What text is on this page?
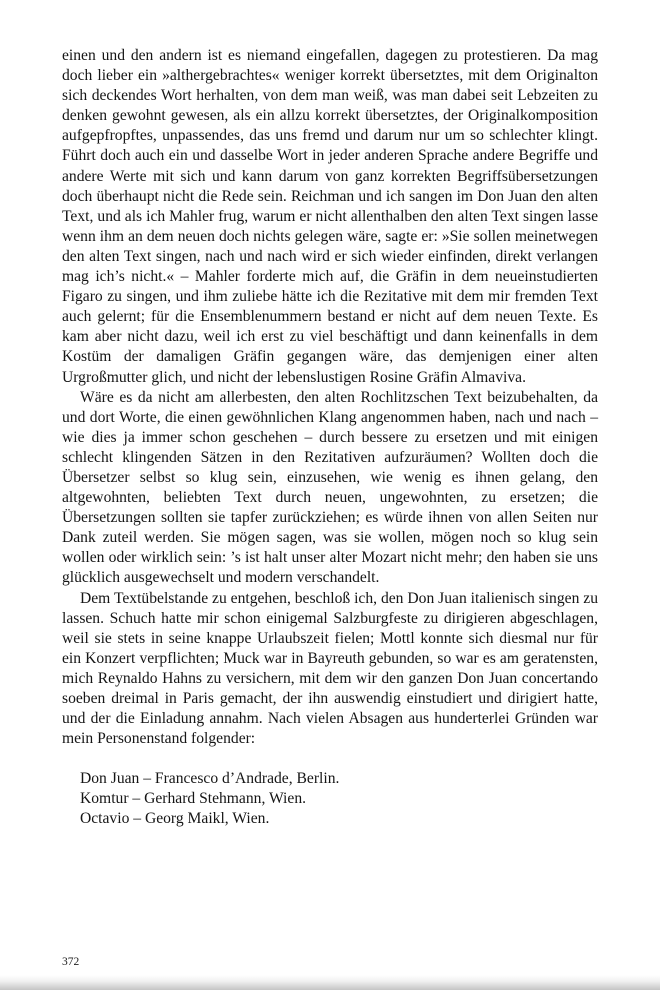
einen und den andern ist es niemand eingefallen, dagegen zu protestieren. Da mag doch lieber ein »althergebrachtes« weniger korrekt übersetztes, mit dem Originalton sich deckendes Wort herhalten, von dem man weiß, was man dabei seit Lebzeiten zu denken gewohnt gewesen, als ein allzu korrekt übersetztes, der Originalkomposition aufgepfropftes, unpassendes, das uns fremd und darum nur um so schlechter klingt. Führt doch auch ein und dasselbe Wort in jeder anderen Sprache andere Begriffe und andere Werte mit sich und kann darum von ganz korrekten Begriffsübersetzungen doch überhaupt nicht die Rede sein. Reichman und ich sangen im Don Juan den alten Text, und als ich Mahler frug, warum er nicht allenthalben den alten Text singen lasse wenn ihm an dem neuen doch nichts gelegen wäre, sagte er: »Sie sollen meinetwegen den alten Text singen, nach und nach wird er sich wieder einfinden, direkt verlangen mag ich’s nicht.« – Mahler forderte mich auf, die Gräfin in dem neueinstudierten Figaro zu singen, und ihm zuliebe hätte ich die Rezitative mit dem mir fremden Text auch gelernt; für die Ensemblenummern bestand er nicht auf dem neuen Texte. Es kam aber nicht dazu, weil ich erst zu viel beschäftigt und dann keinenfalls in dem Kostüm der damaligen Gräfin gegangen wäre, das demjenigen einer alten Urgroßmutter glich, und nicht der lebenslustigen Rosine Gräfin Almaviva.

Wäre es da nicht am allerbesten, den alten Rochlitzschen Text beizubehalten, da und dort Worte, die einen gewöhnlichen Klang angenommen haben, nach und nach – wie dies ja immer schon geschehen – durch bessere zu ersetzen und mit einigen schlecht klingenden Sätzen in den Rezitativen aufzuräumen? Wollten doch die Übersetzer selbst so klug sein, einzusehen, wie wenig es ihnen gelang, den altgewohnten, beliebten Text durch neuen, ungewohnten, zu ersetzen; die Übersetzungen sollten sie tapfer zurückziehen; es würde ihnen von allen Seiten nur Dank zuteil werden. Sie mögen sagen, was sie wollen, mögen noch so klug sein wollen oder wirklich sein: ’s ist halt unser alter Mozart nicht mehr; den haben sie uns glücklich ausgewechselt und modern verschandelt.

Dem Textübelstande zu entgehen, beschloß ich, den Don Juan italienisch singen zu lassen. Schuch hatte mir schon einigemal Salzburgfeste zu dirigieren abgeschlagen, weil sie stets in seine knappe Urlaubszeit fielen; Mottl konnte sich diesmal nur für ein Konzert verpflichten; Muck war in Bayreuth gebunden, so war es am geratensten, mich Reynaldo Hahns zu versichern, mit dem wir den ganzen Don Juan concertando soeben dreimal in Paris gemacht, der ihn auswendig einstudiert und dirigiert hatte, und der die Einladung annahm. Nach vielen Absagen aus hunderterlei Gründen war mein Personenstand folgender:

Don Juan – Francesco d’Andrade, Berlin.
Komtur – Gerhard Stehmann, Wien.
Octavio – Georg Maikl, Wien.
372
